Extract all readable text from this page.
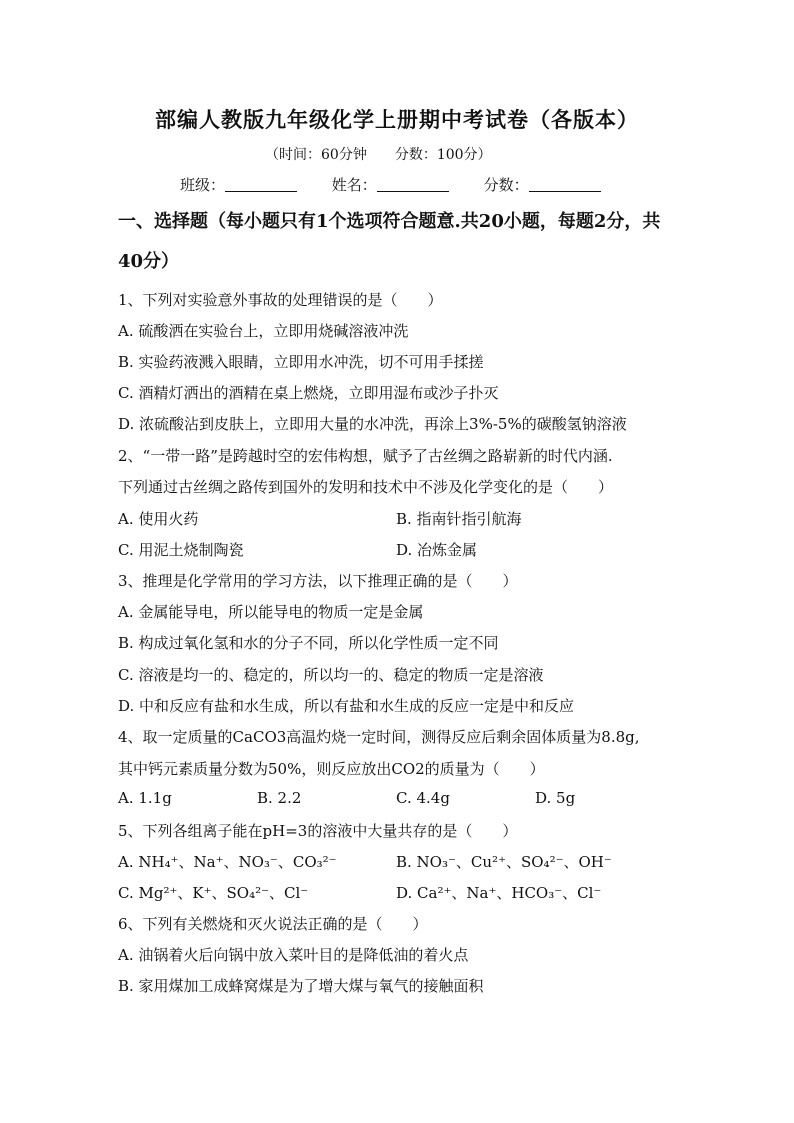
部编人教版九年级化学上册期中考试卷（各版本）
（时间：60分钟 分数：100分）
班级：	姓名：	分数：
一、选择题（每小题只有1个选项符合题意.共20小题，每题2分，共
40分）
1、下列对实验意外事故的处理错误的是（　　）
A. 硫酸洒在实验台上，立即用烧碱溶液冲洗
B. 实验药液溅入眼睛，立即用水冲洗，切不可用手揉搓
C. 酒精灯洒出的酒精在桌上燃烧，立即用湿布或沙子扑灭
D. 浓硫酸沾到皮肤上，立即用大量的水冲洗，再涂上3%-5%的碳酸氢钠溶液
2、“一带一路”是跨越时空的宏伟构想，赋予了古丝绸之路崭新的时代内涵.
下列通过古丝绸之路传到国外的发明和技术中不涉及化学变化的是（　　）
A. 使用火药	B. 指南针指引航海
C. 用泥土烧制陶瓷	D. 冶炼金属
3、推理是化学常用的学习方法，以下推理正确的是（　　）
A. 金属能导电，所以能导电的物质一定是金属
B. 构成过氧化氢和水的分子不同，所以化学性质一定不同
C. 溶液是均一的、稳定的，所以均一的、稳定的物质一定是溶液
D. 中和反应有盐和水生成，所以有盐和水生成的反应一定是中和反应
4、取一定质量的CaCO3高温灼烧一定时间，测得反应后剩余固体质量为8.8g,
其中钙元素质量分数为50%，则反应放出CO2的质量为（　　）
A. 1.1g	B. 2.2	C. 4.4g	D. 5g
5、下列各组离子能在pH=3的溶液中大量共存的是（　　）
A. NH₄⁺、Na⁺、NO₃⁻、CO₃²⁻	B. NO₃⁻、Cu²⁺、SO₄²⁻、OH⁻
C. Mg²⁺、K⁺、SO₄²⁻、Cl⁻	D. Ca²⁺、Na⁺、HCO₃⁻、Cl⁻
6、下列有关燃烧和灭火说法正确的是（　　）
A. 油锅着火后向锅中放入菜叶目的是降低油的着火点
B. 家用煤加工成蜂窝煤是为了增大煤与氧气的接触面积
